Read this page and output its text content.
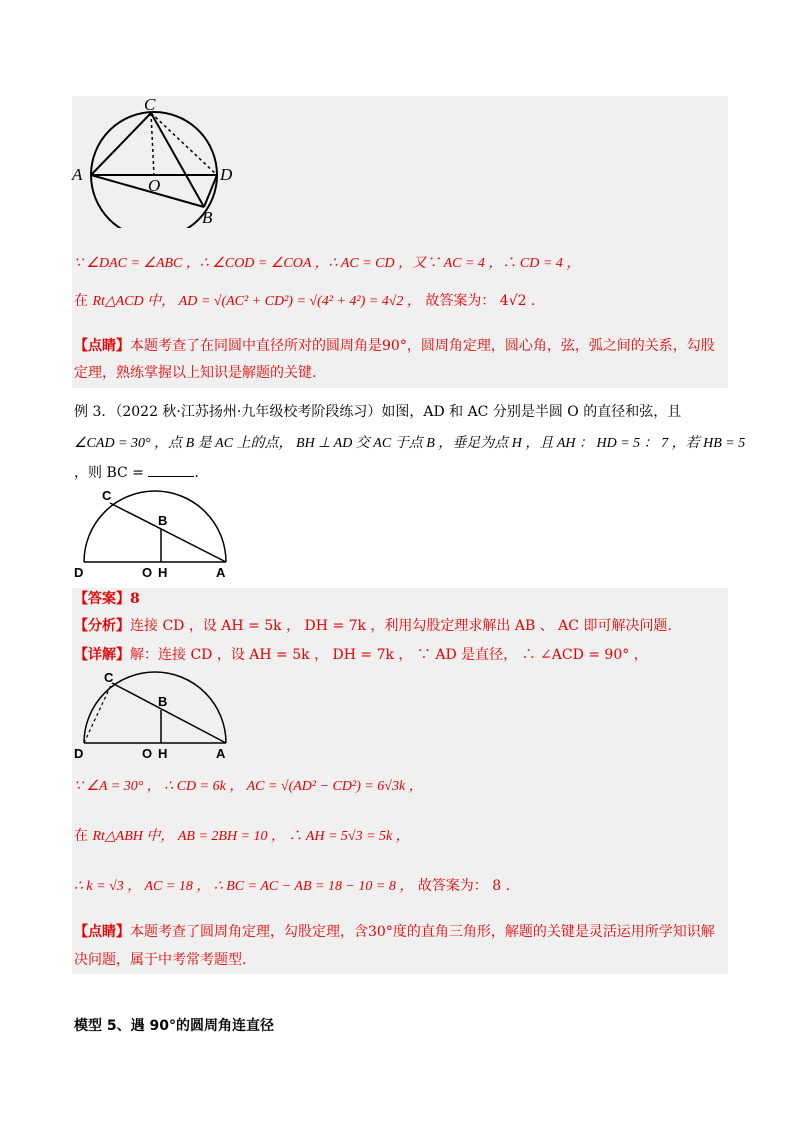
C
A
O
D
B
∵ ∠DAC = ∠ABC ，∴ ∠COD = ∠COA ，∴ AC = CD ，又∵ AC = 4 ，∴ CD = 4 ，
在 Rt△ACD 中， AD = √(AC² + CD²) = √(4² + 4²) = 4√2 ， 故答案为： 4√2 .
【点睛】本题考查了在同圆中直径所对的圆周角是90°，圆周角定理，圆心角，弦，弧之间的关系，勾股
定理，熟练掌握以上知识是解题的关键.
例 3．（2022 秋·江苏扬州·九年级校考阶段练习）如图，AD 和 AC 分别是半圆 O 的直径和弦，且
∠CAD = 30° ，点 B 是 AC 上的点， BH ⊥ AD 交 AC 于点 B ，垂足为点 H ，且 AH ： HD = 5 ： 7 ，若 HB = 5
，则 BC =	.
C
B
D	O H	A
【答案】8
【分析】连接 CD ，设 AH = 5k ， DH = 7k ，利用勾股定理求解出 AB 、 AC 即可解决问题.
【详解】解：连接 CD ，设 AH = 5k ， DH = 7k ， ∵ AD 是直径， ∴ ∠ACD = 90° ，
C
B
D	O H	A
∵ ∠A = 30° ， ∴ CD = 6k ， AC = √(AD² − CD²) = 6√3k ，
在 Rt△ABH 中， AB = 2BH = 10 ， ∴ AH = 5√3 = 5k ，
∴ k = √3 ， AC = 18 ， ∴ BC = AC − AB = 18 − 10 = 8 ， 故答案为： 8 .
【点睛】本题考查了圆周角定理，勾股定理，含30°度的直角三角形，解题的关键是灵活运用所学知识解
决问题，属于中考常考题型.
模型 5、遇 90°的圆周角连直径
